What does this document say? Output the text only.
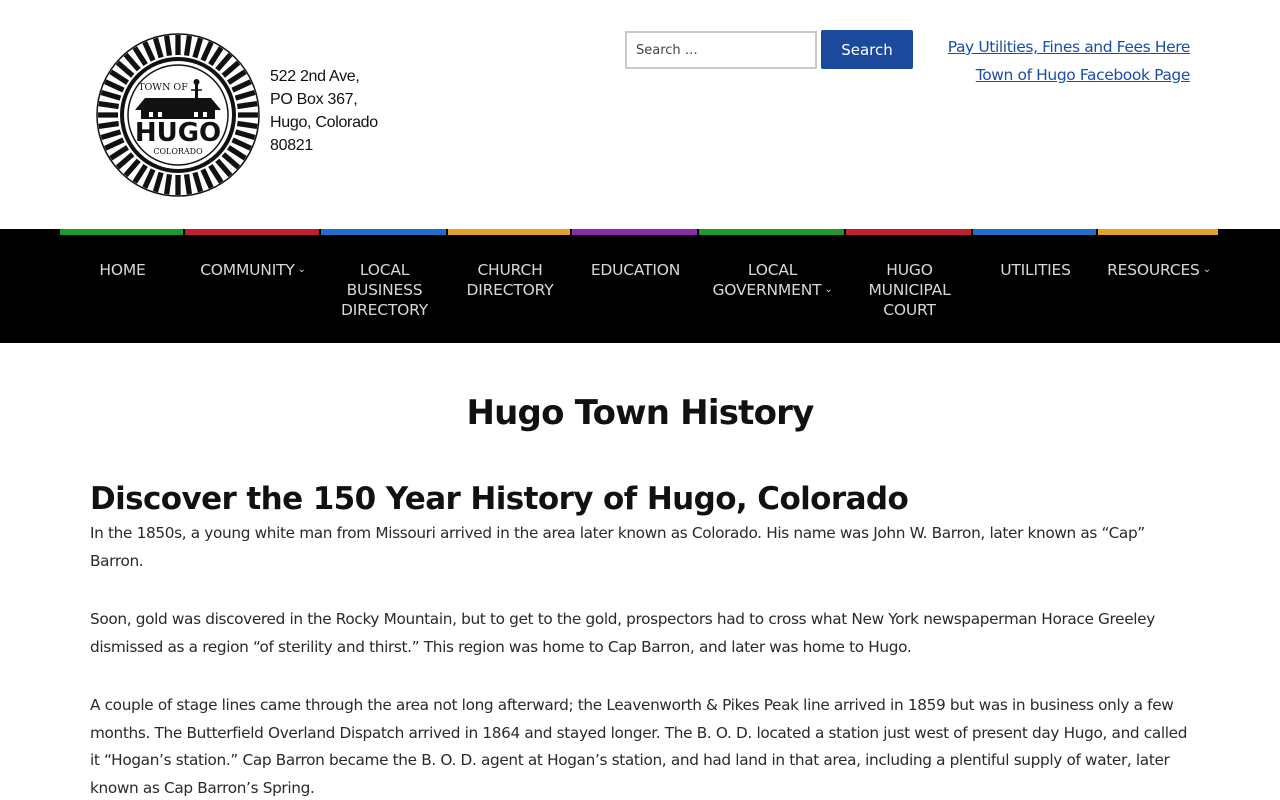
TOWN OF
HUGO
COLORADO
522 2nd Ave,
PO Box 367,
Hugo, Colorado
80821
Search …
Search	Pay Utilities, Fines and Fees Here
Town of Hugo Facebook Page
HOME	COMMUNITY ⌄	LOCAL
BUSINESS
DIRECTORY
CHURCH
DIRECTORY
EDUCATION	LOCAL
GOVERNMENT ⌄
HUGO
MUNICIPAL
COURT
UTILITIES	RESOURCES ⌄
Hugo Town History
Discover the 150 Year History of Hugo, Colorado

In the 1850s, a young white man from Missouri arrived in the area later known as Colorado. His name was John W. Barron, later known as “Cap” Barron.

Soon, gold was discovered in the Rocky Mountain, but to get to the gold, prospectors had to cross what New York newspaperman Horace Greeley dismissed as a region “of sterility and thirst.” This region was home to Cap Barron, and later was home to Hugo.

A couple of stage lines came through the area not long afterward; the Leavenworth & Pikes Peak line arrived in 1859 but was in business only a few months. The Butterfield Overland Dispatch arrived in 1864 and stayed longer. The B. O. D. located a station just west of present day Hugo, and called it “Hogan’s station.” Cap Barron became the B. O. D. agent at Hogan’s station, and had land in that area, including a plentiful supply of water, later known as Cap Barron’s Spring.
